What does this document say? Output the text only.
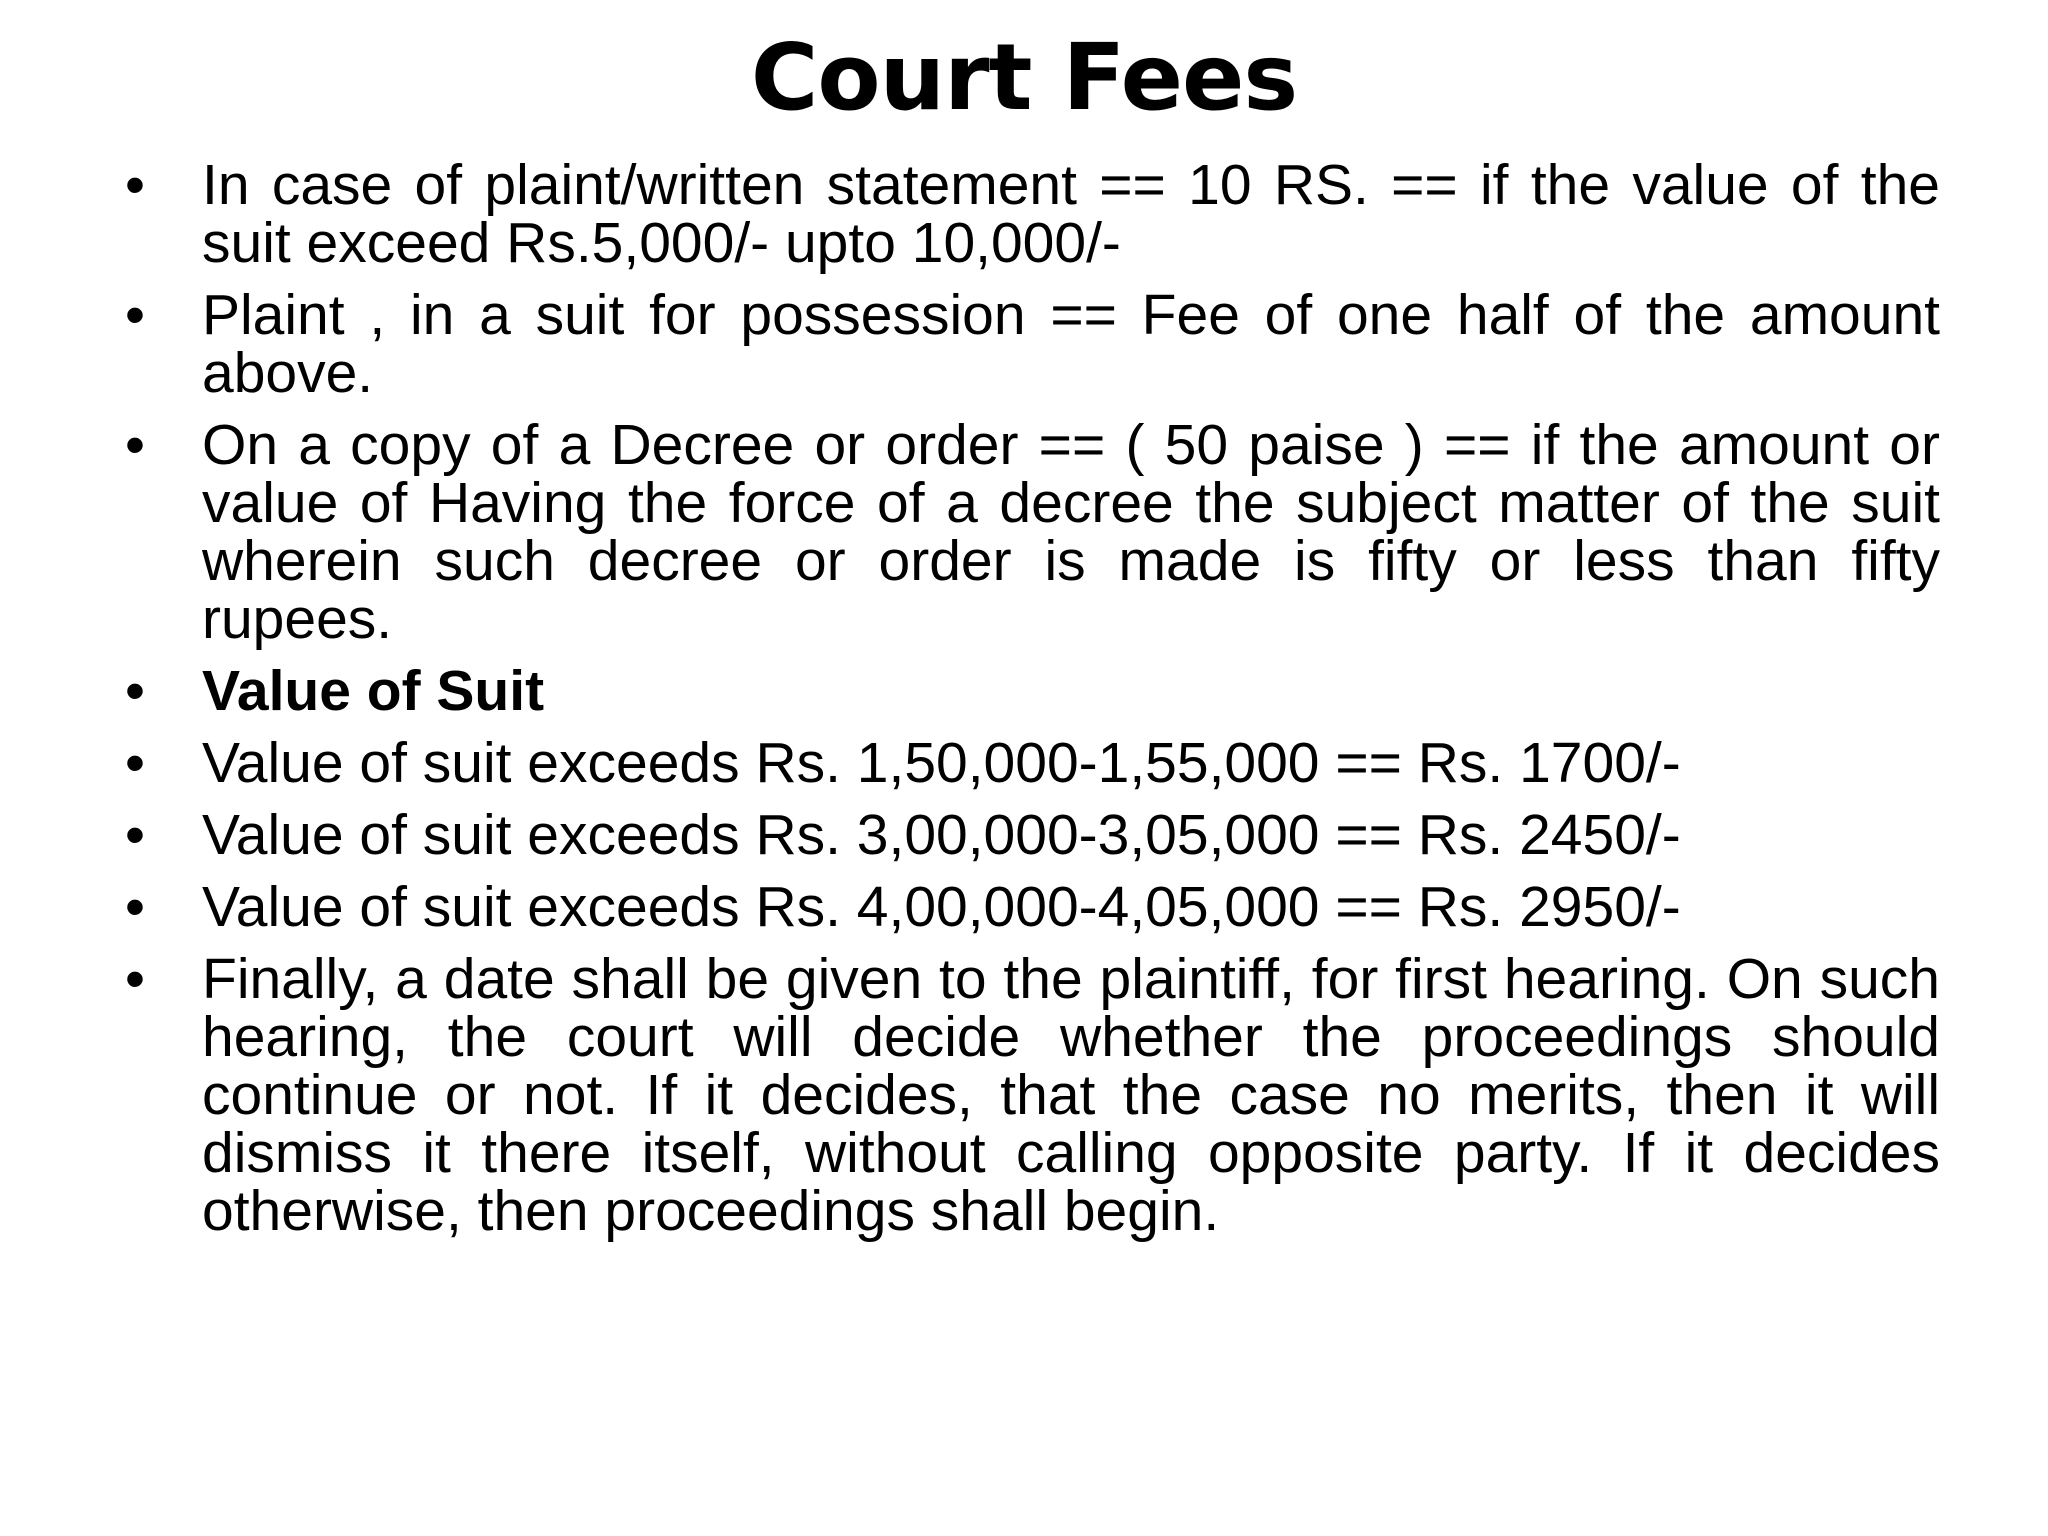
Court Fees
•	In case of plaint/written statement == 10 RS. == if the value of the suit exceed Rs.5,000/- upto 10,000/-
•	Plaint , in a suit for possession == Fee of one half of the amount above.
•	On a copy of a Decree or order == ( 50 paise ) == if the amount or value of Having the force of a decree the subject matter of the suit wherein such decree or order is made is fifty or less than fifty rupees.
•	Value of Suit
•	Value of suit exceeds Rs. 1,50,000-1,55,000 == Rs. 1700/-
•	Value of suit exceeds Rs. 3,00,000-3,05,000 == Rs. 2450/-
•	Value of suit exceeds Rs. 4,00,000-4,05,000 == Rs. 2950/-
•	Finally, a date shall be given to the plaintiff, for first hearing. On such hearing, the court will decide whether the proceedings should continue or not. If it decides, that the case no merits, then it will dismiss it there itself, without calling opposite party. If it decides otherwise, then proceedings shall begin.
